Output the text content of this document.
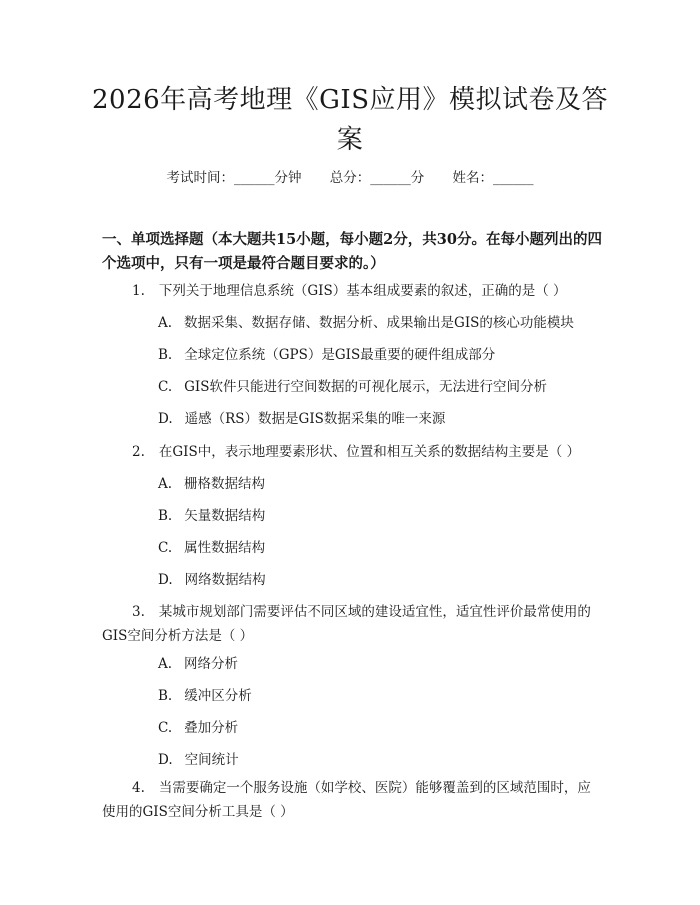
2026年高考地理《GIS应用》模拟试卷及答案
考试时间：______分钟 总分：______分 姓名：______
一、单项选择题（本大题共15小题，每小题2分，共30分。在每小题列出的四个选项中，只有一项是最符合题目要求的。）

1. 下列关于地理信息系统（GIS）基本组成要素的叙述，正确的是（ ）

A. 数据采集、数据存储、数据分析、成果输出是GIS的核心功能模块

B. 全球定位系统（GPS）是GIS最重要的硬件组成部分

C. GIS软件只能进行空间数据的可视化展示，无法进行空间分析

D. 遥感（RS）数据是GIS数据采集的唯一来源

2. 在GIS中，表示地理要素形状、位置和相互关系的数据结构主要是（ ）

A. 栅格数据结构

B. 矢量数据结构

C. 属性数据结构

D. 网络数据结构

3. 某城市规划部门需要评估不同区域的建设适宜性，适宜性评价最常使用的GIS空间分析方法是（ ）

A. 网络分析

B. 缓冲区分析

C. 叠加分析

D. 空间统计

4. 当需要确定一个服务设施（如学校、医院）能够覆盖到的区域范围时，应使用的GIS空间分析工具是（ ）
